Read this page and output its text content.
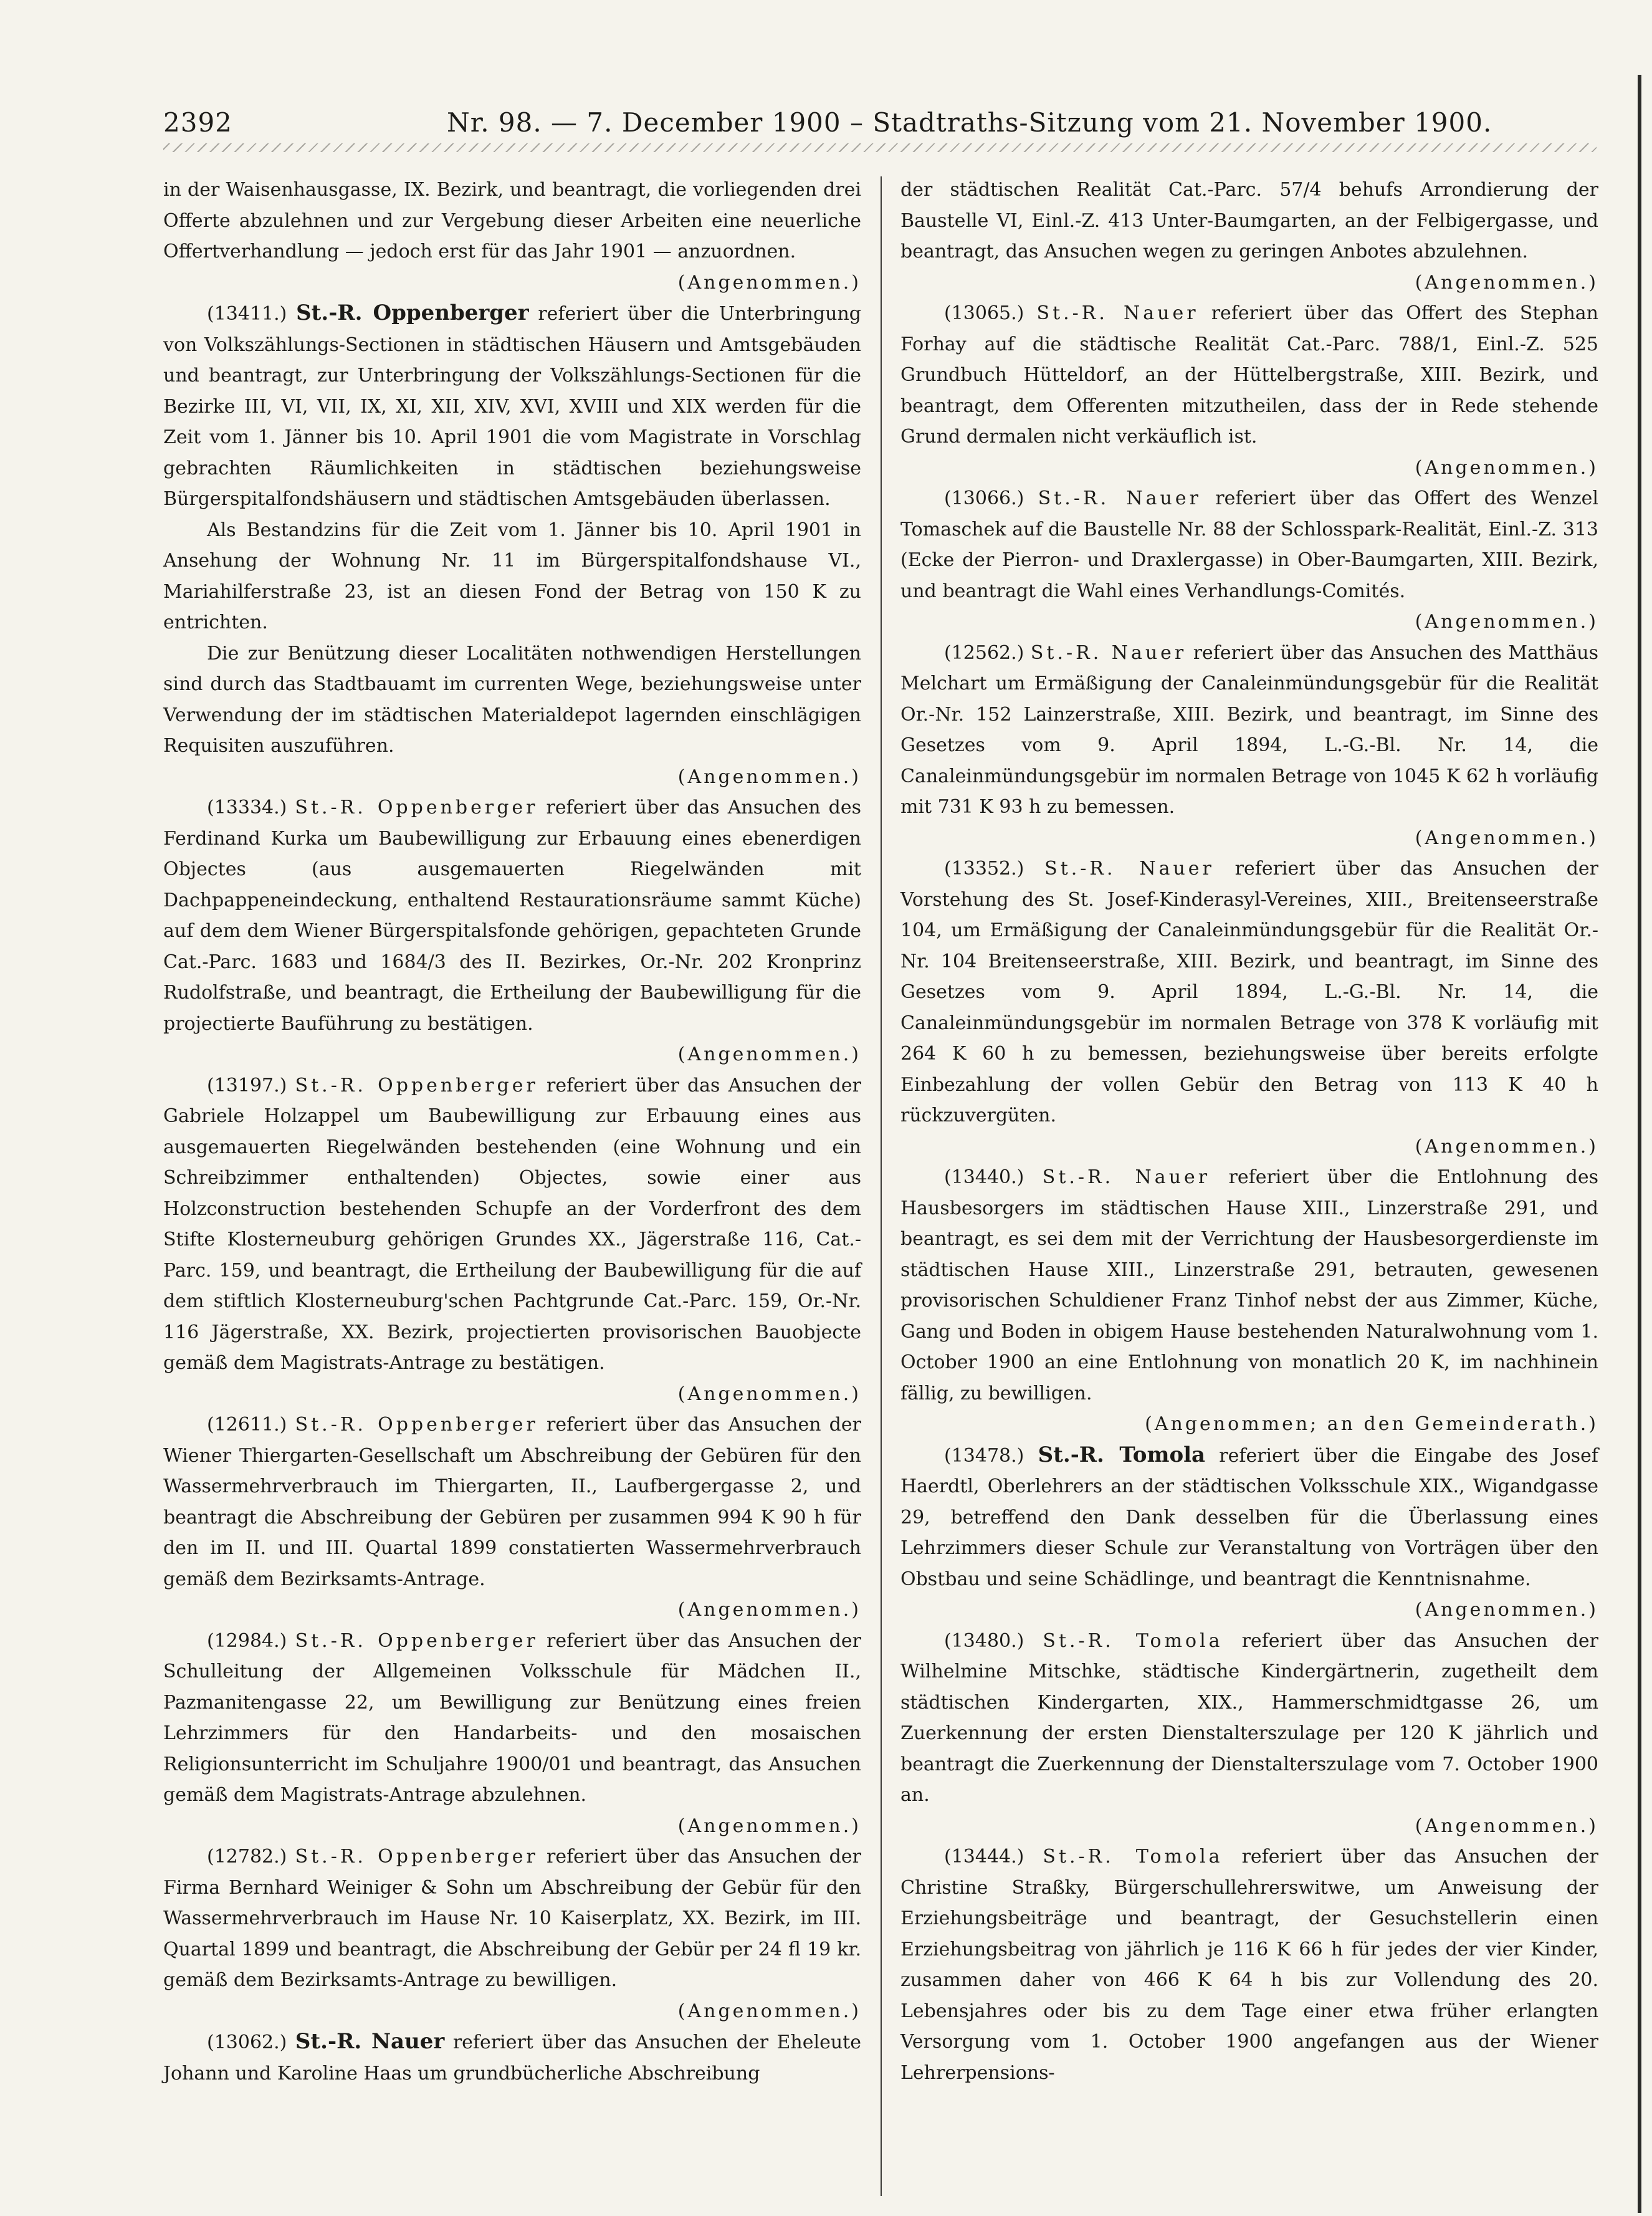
2392	Nr. 98. — 7. December 1900 – Stadtraths-Sitzung vom 21. November 1900.

in der Waisenhausgasse, IX. Bezirk, und beantragt, die vorliegenden drei Offerte abzulehnen und zur Vergebung dieser Arbeiten eine neuerliche Offertverhandlung — jedoch erst für das Jahr 1901 — anzuordnen.
(Angenommen.)

(13411.) St.-R. Oppenberger referiert über die Unterbringung von Volkszählungs-Sectionen in städtischen Häusern und Amtsgebäuden und beantragt, zur Unterbringung der Volkszählungs-Sectionen für die Bezirke III, VI, VII, IX, XI, XII, XIV, XVI, XVIII und XIX werden für die Zeit vom 1. Jänner bis 10. April 1901 die vom Magistrate in Vorschlag gebrachten Räumlichkeiten in städtischen beziehungsweise Bürgerspitalfondshäusern und städtischen Amtsgebäuden überlassen.

Als Bestandzins für die Zeit vom 1. Jänner bis 10. April 1901 in Ansehung der Wohnung Nr. 11 im Bürgerspitalfondshause VI., Mariahilferstraße 23, ist an diesen Fond der Betrag von 150 K zu entrichten.

Die zur Benützung dieser Localitäten nothwendigen Herstellungen sind durch das Stadtbauamt im currenten Wege, beziehungsweise unter Verwendung der im städtischen Materialdepot lagernden einschlägigen Requisiten auszuführen.
(Angenommen.)

(13334.) St.-R. Oppenberger referiert über das Ansuchen des Ferdinand Kurka um Baubewilligung zur Erbauung eines ebenerdigen Objectes (aus ausgemauerten Riegelwänden mit Dachpappeneindeckung, enthaltend Restaurationsräume sammt Küche) auf dem dem Wiener Bürgerspitalsfonde gehörigen, gepachteten Grunde Cat.-Parc. 1683 und 1684/3 des II. Bezirkes, Or.-Nr. 202 Kronprinz Rudolfstraße, und beantragt, die Ertheilung der Baubewilligung für die projectierte Bauführung zu bestätigen.
(Angenommen.)

(13197.) St.-R. Oppenberger referiert über das Ansuchen der Gabriele Holzappel um Baubewilligung zur Erbauung eines aus ausgemauerten Riegelwänden bestehenden (eine Wohnung und ein Schreibzimmer enthaltenden) Objectes, sowie einer aus Holzconstruction bestehenden Schupfe an der Vorderfront des dem Stifte Klosterneuburg gehörigen Grundes XX., Jägerstraße 116, Cat.-Parc. 159, und beantragt, die Ertheilung der Baubewilligung für die auf dem stiftlich Klosterneuburg'schen Pachtgrunde Cat.-Parc. 159, Or.-Nr. 116 Jägerstraße, XX. Bezirk, projectierten provisorischen Bauobjecte gemäß dem Magistrats-Antrage zu bestätigen.
(Angenommen.)

(12611.) St.-R. Oppenberger referiert über das Ansuchen der Wiener Thiergarten-Gesellschaft um Abschreibung der Gebüren für den Wassermehrverbrauch im Thiergarten, II., Laufbergergasse 2, und beantragt die Abschreibung der Gebüren per zusammen 994 K 90 h für den im II. und III. Quartal 1899 constatierten Wassermehrverbrauch gemäß dem Bezirksamts-Antrage.
(Angenommen.)

(12984.) St.-R. Oppenberger referiert über das Ansuchen der Schulleitung der Allgemeinen Volksschule für Mädchen II., Pazmanitengasse 22, um Bewilligung zur Benützung eines freien Lehrzimmers für den Handarbeits- und den mosaischen Religionsunterricht im Schuljahre 1900/01 und beantragt, das Ansuchen gemäß dem Magistrats-Antrage abzulehnen.
(Angenommen.)

(12782.) St.-R. Oppenberger referiert über das Ansuchen der Firma Bernhard Weiniger & Sohn um Abschreibung der Gebür für den Wassermehrverbrauch im Hause Nr. 10 Kaiserplatz, XX. Bezirk, im III. Quartal 1899 und beantragt, die Abschreibung der Gebür per 24 fl 19 kr. gemäß dem Bezirksamts-Antrage zu bewilligen.
(Angenommen.)

(13062.) St.-R. Nauer referiert über das Ansuchen der Eheleute Johann und Karoline Haas um grundbücherliche Abschreibung

der städtischen Realität Cat.-Parc. 57/4 behufs Arrondierung der Baustelle VI, Einl.-Z. 413 Unter-Baumgarten, an der Felbigergasse, und beantragt, das Ansuchen wegen zu geringen Anbotes abzulehnen.
(Angenommen.)

(13065.) St.-R. Nauer referiert über das Offert des Stephan Forhay auf die städtische Realität Cat.-Parc. 788/1, Einl.-Z. 525 Grundbuch Hütteldorf, an der Hüttelbergstraße, XIII. Bezirk, und beantragt, dem Offerenten mitzutheilen, dass der in Rede stehende Grund dermalen nicht verkäuflich ist.
(Angenommen.)

(13066.) St.-R. Nauer referiert über das Offert des Wenzel Tomaschek auf die Baustelle Nr. 88 der Schlosspark-Realität, Einl.-Z. 313 (Ecke der Pierron- und Draxlergasse) in Ober-Baumgarten, XIII. Bezirk, und beantragt die Wahl eines Verhandlungs-Comités.
(Angenommen.)

(12562.) St.-R. Nauer referiert über das Ansuchen des Matthäus Melchart um Ermäßigung der Canaleinmündungsgebür für die Realität Or.-Nr. 152 Lainzerstraße, XIII. Bezirk, und beantragt, im Sinne des Gesetzes vom 9. April 1894, L.-G.-Bl. Nr. 14, die Canaleinmündungsgebür im normalen Betrage von 1045 K 62 h vorläufig mit 731 K 93 h zu bemessen.
(Angenommen.)

(13352.) St.-R. Nauer referiert über das Ansuchen der Vorstehung des St. Josef-Kinderasyl-Vereines, XIII., Breitenseerstraße 104, um Ermäßigung der Canaleinmündungsgebür für die Realität Or.-Nr. 104 Breitenseerstraße, XIII. Bezirk, und beantragt, im Sinne des Gesetzes vom 9. April 1894, L.-G.-Bl. Nr. 14, die Canaleinmündungsgebür im normalen Betrage von 378 K vorläufig mit 264 K 60 h zu bemessen, beziehungsweise über bereits erfolgte Einbezahlung der vollen Gebür den Betrag von 113 K 40 h rückzuvergüten.
(Angenommen.)

(13440.) St.-R. Nauer referiert über die Entlohnung des Hausbesorgers im städtischen Hause XIII., Linzerstraße 291, und beantragt, es sei dem mit der Verrichtung der Hausbesorgerdienste im städtischen Hause XIII., Linzerstraße 291, betrauten, gewesenen provisorischen Schuldiener Franz Tinhof nebst der aus Zimmer, Küche, Gang und Boden in obigem Hause bestehenden Naturalwohnung vom 1. October 1900 an eine Entlohnung von monatlich 20 K, im nachhinein fällig, zu bewilligen.
(Angenommen; an den Gemeinderath.)

(13478.) St.-R. Tomola referiert über die Eingabe des Josef Haerdtl, Oberlehrers an der städtischen Volksschule XIX., Wigandgasse 29, betreffend den Dank desselben für die Überlassung eines Lehrzimmers dieser Schule zur Veranstaltung von Vorträgen über den Obstbau und seine Schädlinge, und beantragt die Kenntnisnahme.
(Angenommen.)

(13480.) St.-R. Tomola referiert über das Ansuchen der Wilhelmine Mitschke, städtische Kindergärtnerin, zugetheilt dem städtischen Kindergarten, XIX., Hammerschmidtgasse 26, um Zuerkennung der ersten Dienstalterszulage per 120 K jährlich und beantragt die Zuerkennung der Dienstalterszulage vom 7. October 1900 an.
(Angenommen.)

(13444.) St.-R. Tomola referiert über das Ansuchen der Christine Straßky, Bürgerschullehrerswitwe, um Anweisung der Erziehungsbeiträge und beantragt, der Gesuchstellerin einen Erziehungsbeitrag von jährlich je 116 K 66 h für jedes der vier Kinder, zusammen daher von 466 K 64 h bis zur Vollendung des 20. Lebensjahres oder bis zu dem Tage einer etwa früher erlangten Versorgung vom 1. October 1900 angefangen aus der Wiener Lehrerpensions-
